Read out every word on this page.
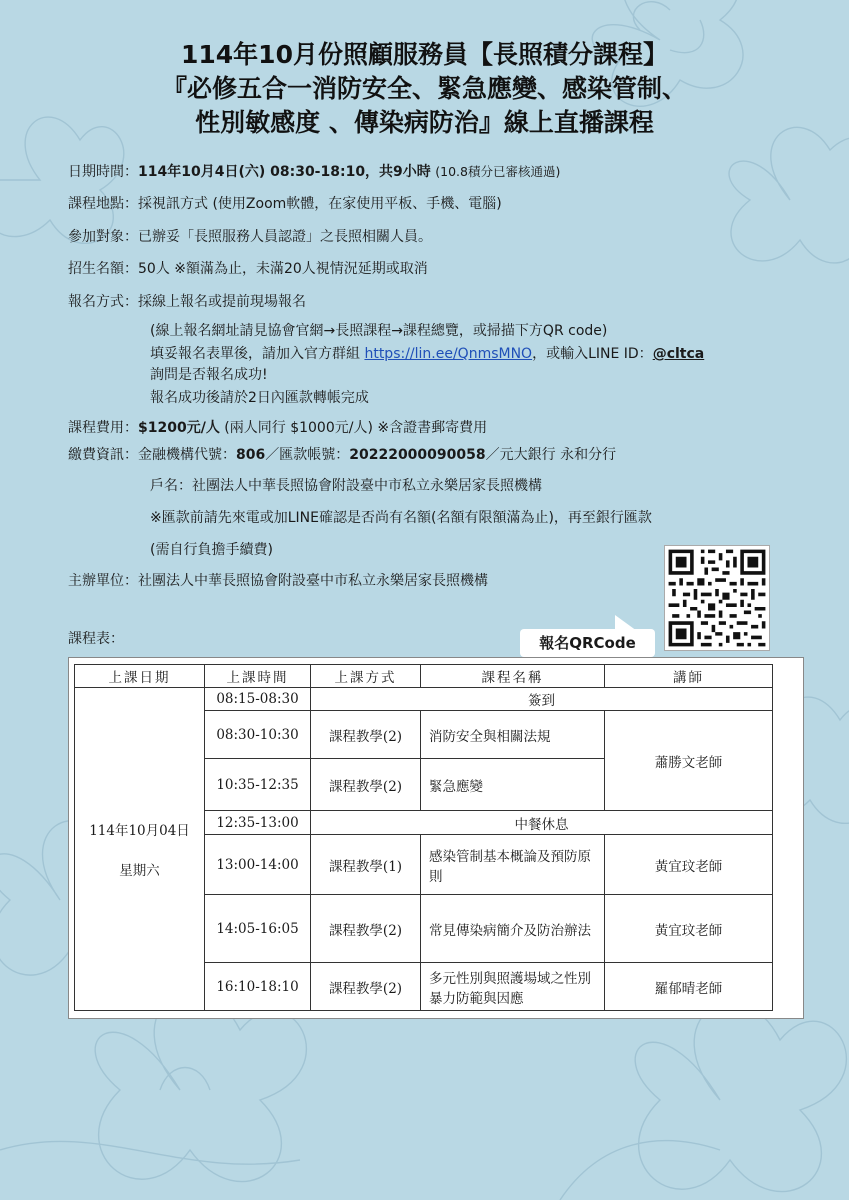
114年10月份照顧服務員【長照積分課程】
『必修五合一消防安全、緊急應變、感染管制、
性別敏感度 、傳染病防治』線上直播課程
日期時間：114年10月4日(六) 08:30-18:10，共9小時 (10.8積分已審核通過)
課程地點：採視訊方式 (使用Zoom軟體，在家使用平板、手機、電腦)
參加對象：已辦妥「長照服務人員認證」之長照相關人員。
招生名額：50人 ※額滿為止，未滿20人視情況延期或取消
報名方式：採線上報名或提前現場報名
(線上報名網址請見協會官網→長照課程→課程總覽，或掃描下方QR code)
填妥報名表單後，請加入官方群組 https://lin.ee/QnmsMNO，或輸入LINE ID：@cltca
詢問是否報名成功!
報名成功後請於2日內匯款轉帳完成
課程費用：$1200元/人 (兩人同行 $1000元/人) ※含證書郵寄費用
繳費資訊：金融機構代號：806／匯款帳號：20222000090058／元大銀行 永和分行
戶名：社團法人中華長照協會附設臺中市私立永樂居家長照機構
※匯款前請先來電或加LINE確認是否尚有名額(名額有限額滿為止)，再至銀行匯款
(需自行負擔手續費)
主辦單位：社團法人中華長照協會附設臺中市私立永樂居家長照機構
報名QRCode
課程表：
上課日期	上課時間	上課方式	課程名稱	講師

114年10月04日
星期六	08:15-08:30	簽到		
	08:30-10:30	課程教學(2)	消防安全與相關法規	蕭勝文老師
	10:35-12:35	課程教學(2)	緊急應變	
	12:35-13:00	中餐休息		
	13:00-14:00	課程教學(1)	感染管制基本概論及預防原則	黃宜玟老師
	14:05-16:05	課程教學(2)	常見傳染病簡介及防治辦法	黃宜玟老師
	16:10-18:10	課程教學(2)	多元性別與照護場域之性別暴力防範與因應	羅郁晴老師
